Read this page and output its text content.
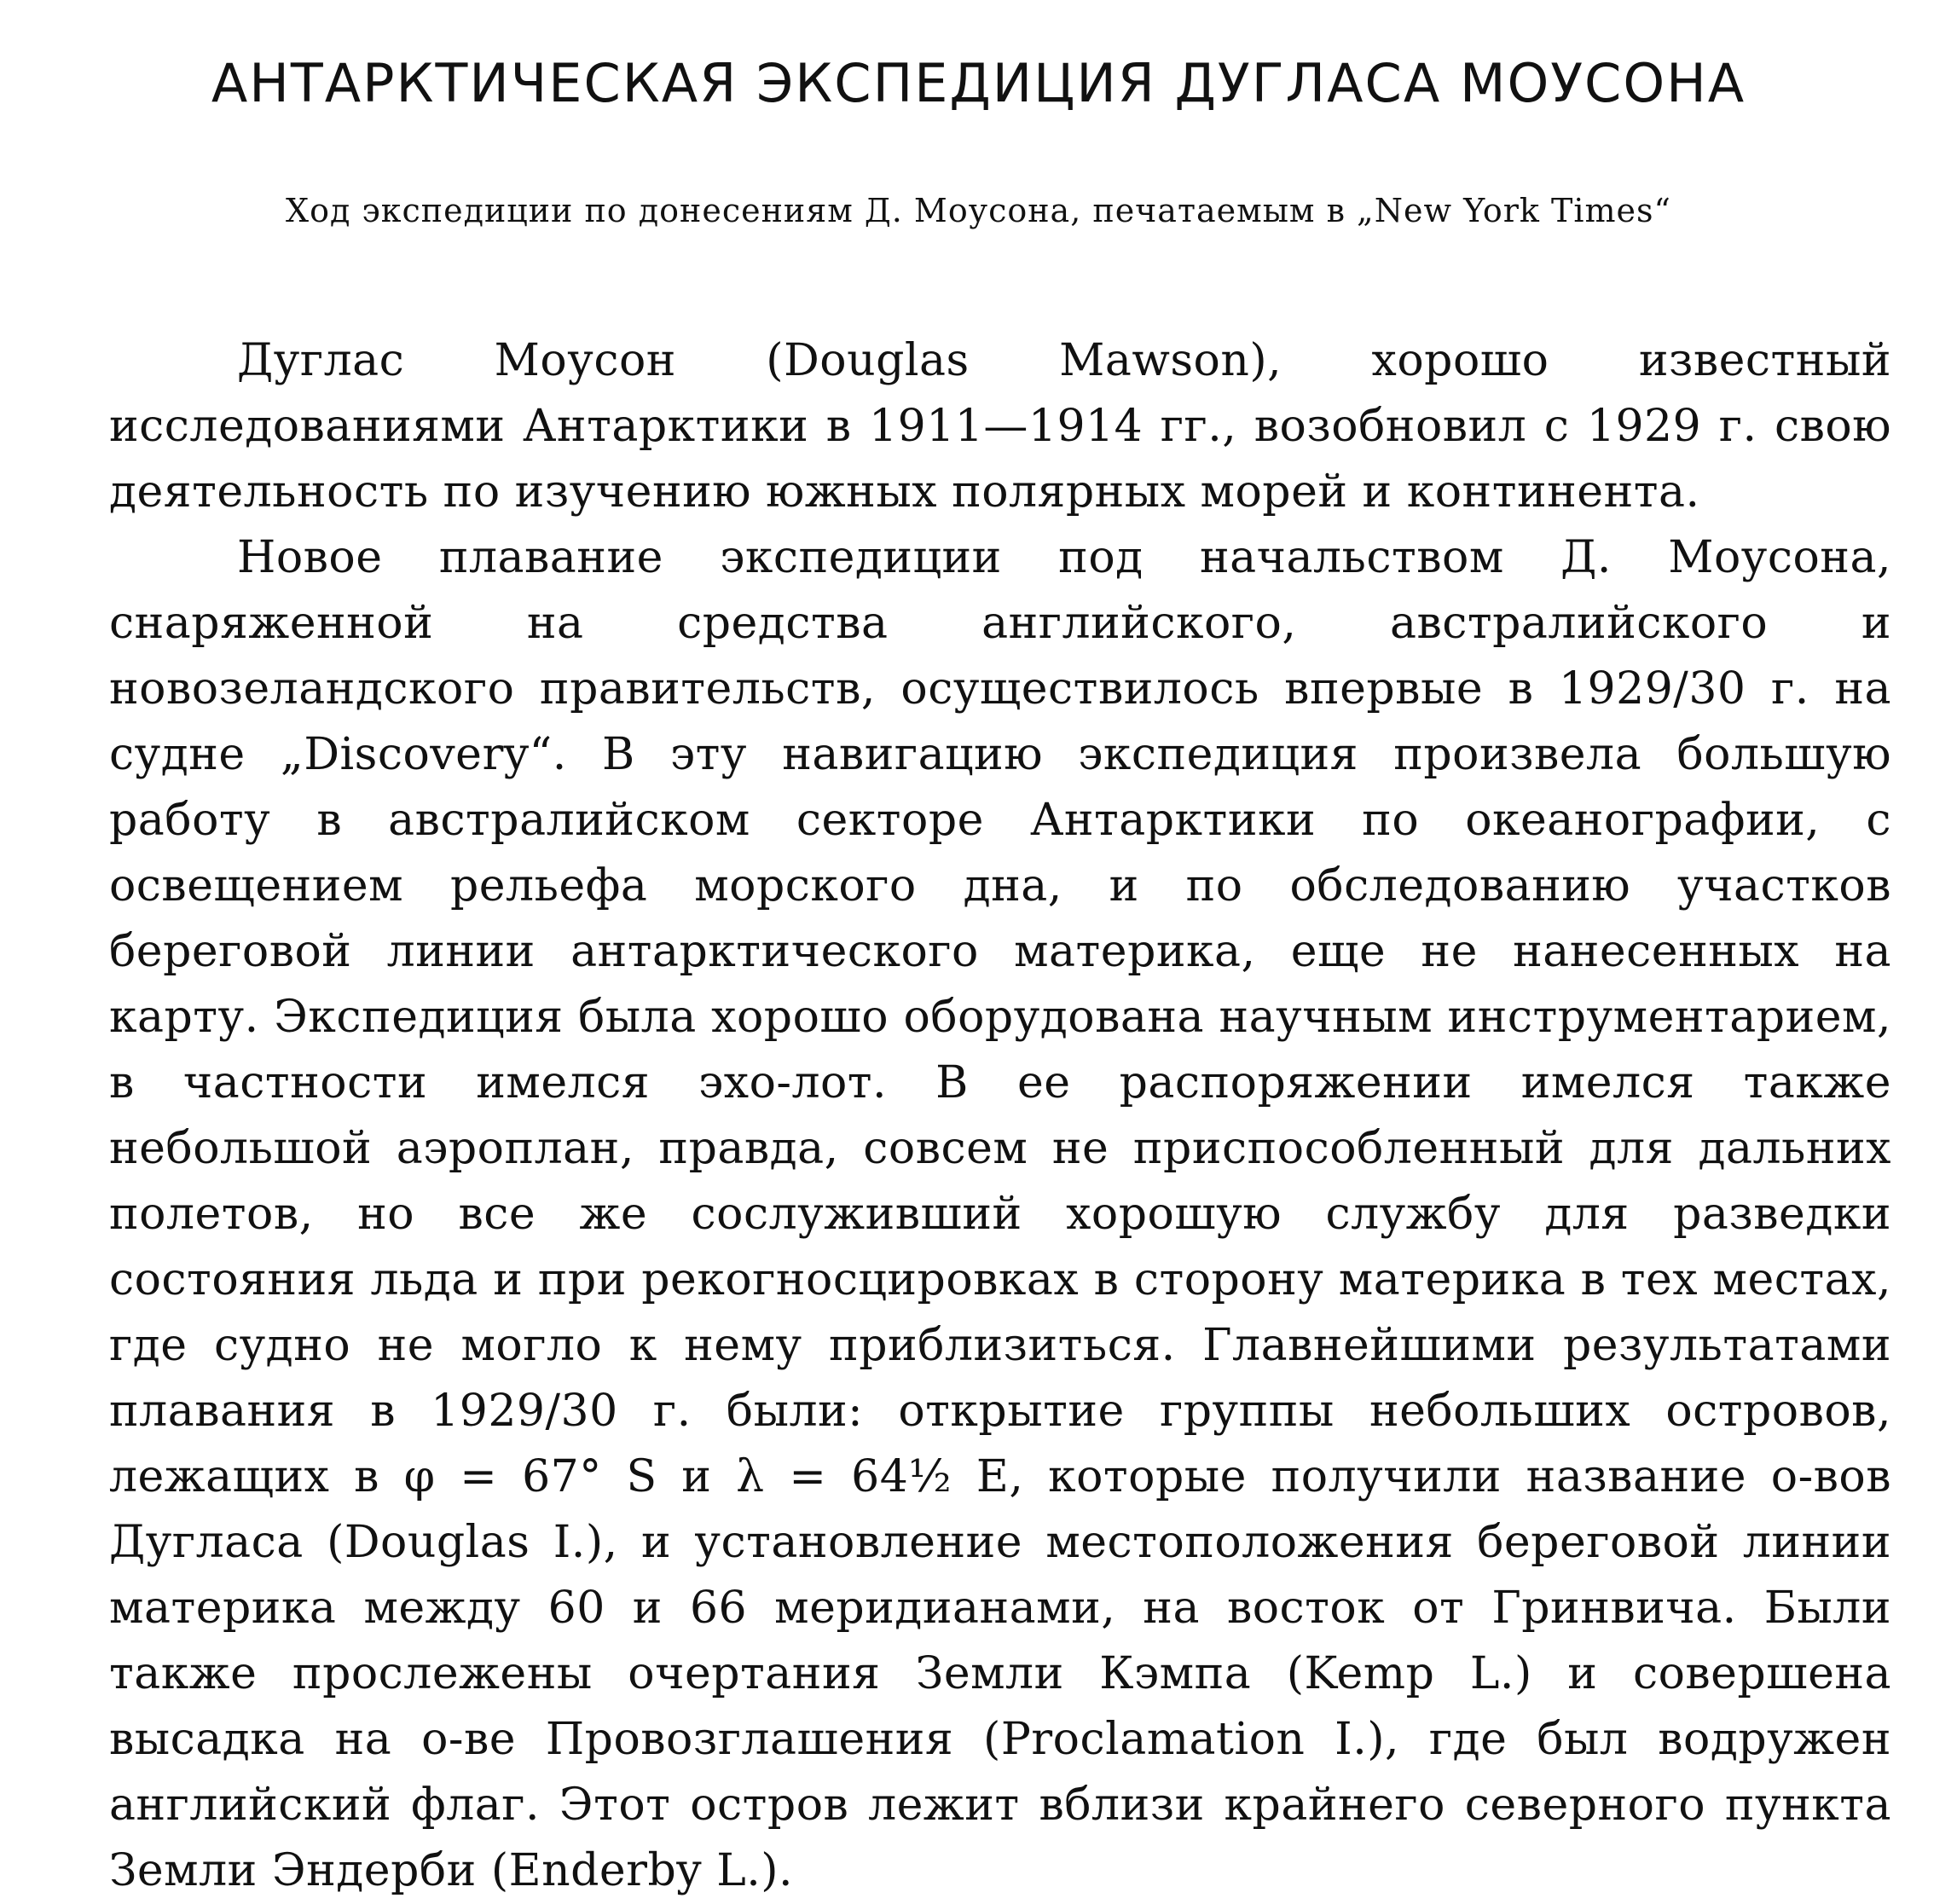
АНТАРКТИЧЕСКАЯ ЭКСПЕДИЦИЯ ДУГЛАСА МОУСОНА

Ход экспедиции по донесениям Д. Моусона, печатаемым в „New York Times“

Дуглас Моусон (Douglas Mawson), хорошо известный исследованиями Антарктики в 1911—1914 гг., возобновил с 1929 г. свою деятельность по изучению южных полярных морей и континента.

Новое плавание экспедиции под начальством Д. Моусона, снаряженной на средства английского, австралийского и новозеландского правительств, осуществилось впервые в 1929/30 г. на судне „Discovery“. В эту навигацию экспедиция произвела большую работу в австралийском секторе Антарктики по океанографии, с освещением рельефа морского дна, и по обследованию участков береговой линии антарктического материка, еще не нанесенных на карту. Экспедиция была хорошо оборудована научным инструментарием, в частности имелся эхо-лот. В ее распоряжении имелся также небольшой аэроплан, правда, совсем не приспособленный для дальних полетов, но все же сослуживший хорошую службу для разведки состояния льда и при рекогносцировках в сторону материка в тех местах, где судно не могло к нему приблизиться. Главнейшими результатами плавания в 1929/30 г. были: открытие группы небольших островов, лежащих в φ = 67° S и λ = 64½ E, которые получили название о-вов Дугласа (Douglas I.), и установление местоположения береговой линии материка между 60 и 66 меридианами, на восток от Гринвича. Были также прослежены очертания Земли Кэмпа (Kemp L.) и совершена высадка на о-ве Провозглашения (Proclamation I.), где был водружен английский флаг. Этот остров лежит вблизи крайнего северного пункта Земли Эндерби (Enderby L.).
